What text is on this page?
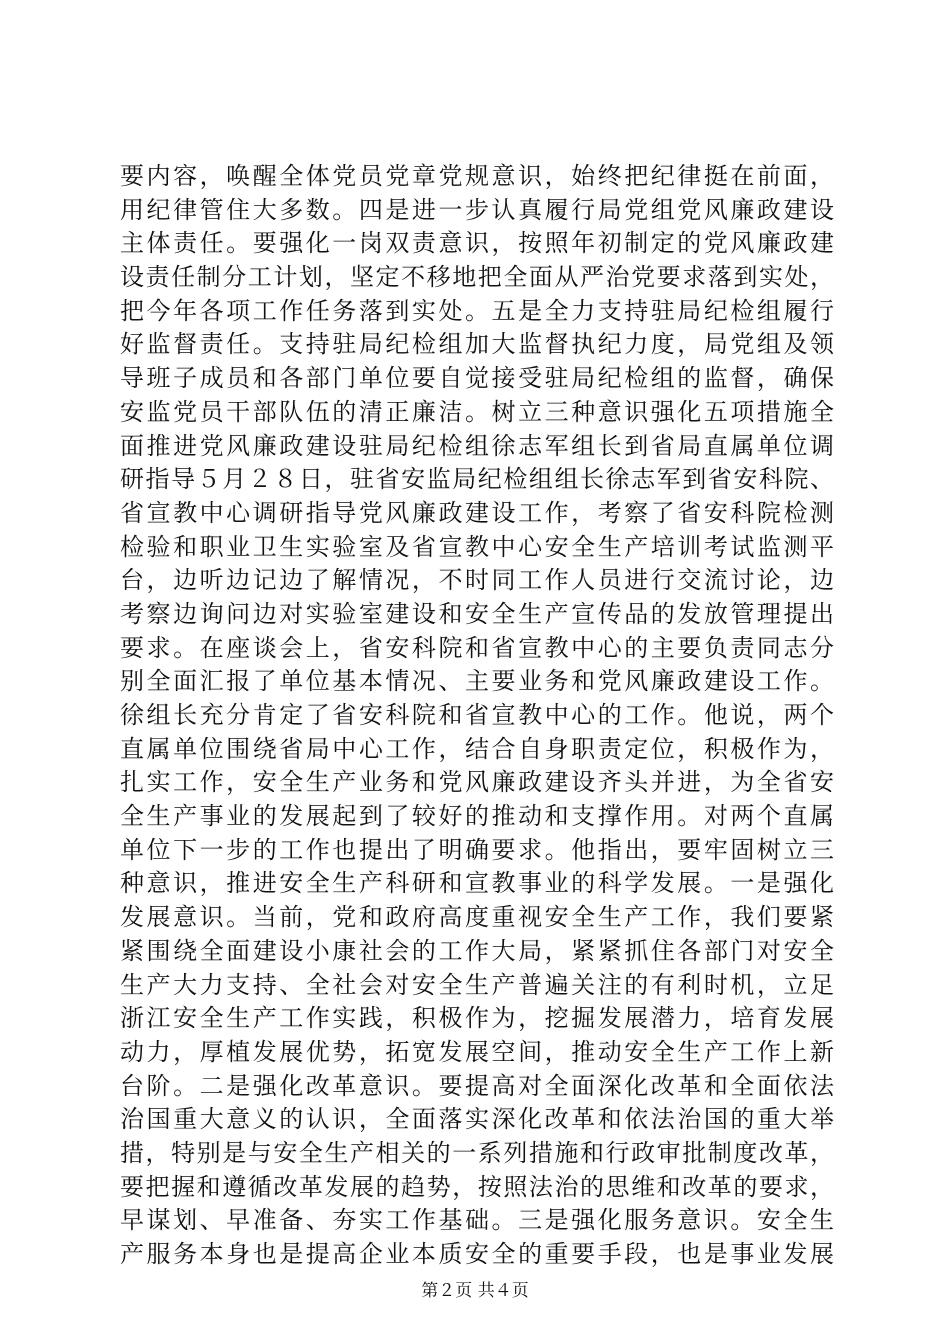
要内容，唤醒全体党员党章党规意识，始终把纪律挺在前面，
用纪律管住大多数。四是进一步认真履行局党组党风廉政建设
主体责任。要强化一岗双责意识，按照年初制定的党风廉政建
设责任制分工计划，坚定不移地把全面从严治党要求落到实处，
把今年各项工作任务落到实处。五是全力支持驻局纪检组履行
好监督责任。支持驻局纪检组加大监督执纪力度，局党组及领
导班子成员和各部门单位要自觉接受驻局纪检组的监督，确保
安监党员干部队伍的清正廉洁。树立三种意识强化五项措施全
面推进党风廉政建设驻局纪检组徐志军组长到省局直属单位调
研指导５月２８日，驻省安监局纪检组组长徐志军到省安科院、
省宣教中心调研指导党风廉政建设工作，考察了省安科院检测
检验和职业卫生实验室及省宣教中心安全生产培训考试监测平
台，边听边记边了解情况，不时同工作人员进行交流讨论，边
考察边询问边对实验室建设和安全生产宣传品的发放管理提出
要求。在座谈会上，省安科院和省宣教中心的主要负责同志分
别全面汇报了单位基本情况、主要业务和党风廉政建设工作。
徐组长充分肯定了省安科院和省宣教中心的工作。他说，两个
直属单位围绕省局中心工作，结合自身职责定位，积极作为，
扎实工作，安全生产业务和党风廉政建设齐头并进，为全省安
全生产事业的发展起到了较好的推动和支撑作用。对两个直属
单位下一步的工作也提出了明确要求。他指出，要牢固树立三
种意识，推进安全生产科研和宣教事业的科学发展。一是强化
发展意识。当前，党和政府高度重视安全生产工作，我们要紧
紧围绕全面建设小康社会的工作大局，紧紧抓住各部门对安全
生产大力支持、全社会对安全生产普遍关注的有利时机，立足
浙江安全生产工作实践，积极作为，挖掘发展潜力，培育发展
动力，厚植发展优势，拓宽发展空间，推动安全生产工作上新
台阶。二是强化改革意识。要提高对全面深化改革和全面依法
治国重大意义的认识，全面落实深化改革和依法治国的重大举
措，特别是与安全生产相关的一系列措施和行政审批制度改革，
要把握和遵循改革发展的趋势，按照法治的思维和改革的要求，
早谋划、早准备、夯实工作基础。三是强化服务意识。安全生
产服务本身也是提高企业本质安全的重要手段，也是事业发展
第２页 共４页
